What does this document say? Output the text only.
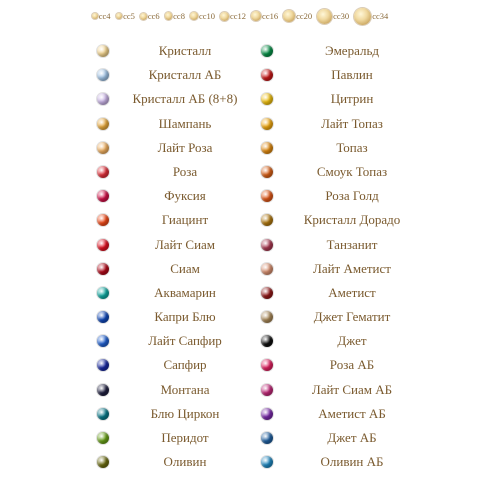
cc4 cc5 cc6 cc8 cc10 cc12 cc16 cc20 cc30	cc34
Кристалл	Эмеральд
Кристалл АБ	Павлин
Кристалл АБ (8+8)	Цитрин
Шампань	Лайт Топаз
Лайт Роза	Топаз
Роза	Смоук Топаз
Фуксия	Роза Голд
Гиацинт	Кристалл Дорадо
Лайт Сиам	Танзанит
Сиам	Лайт Аметист
Аквамарин	Аметист
Капри Блю	Джет Гематит
Лайт Сапфир	Джет
Сапфир	Роза АБ
Монтана	Лайт Сиам АБ
Блю Циркон	Аметист АБ
Перидот	Джет АБ
Оливин	Оливин АБ
